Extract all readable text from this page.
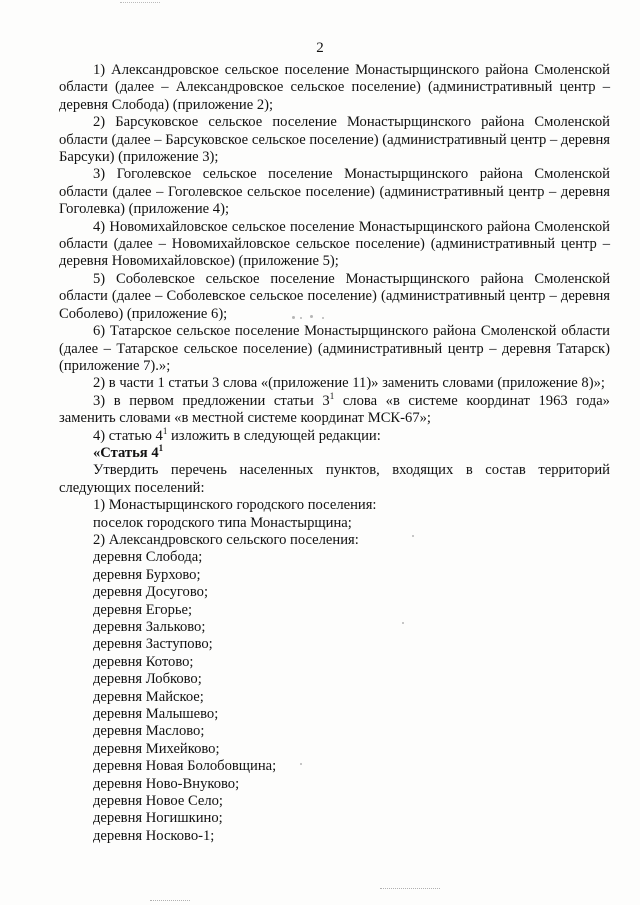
2

1) Александровское сельское поселение Монастырщинского района Смоленской области (далее – Александровское сельское поселение) (административный центр – деревня Слобода) (приложение 2);

2) Барсуковское сельское поселение Монастырщинского района Смоленской области (далее – Барсуковское сельское поселение) (административный центр – деревня Барсуки) (приложение 3);

3) Гоголевское сельское поселение Монастырщинского района Смоленской области (далее – Гоголевское сельское поселение) (административный центр – деревня Гоголевка) (приложение 4);

4) Новомихайловское сельское поселение Монастырщинского района Смоленской области (далее – Новомихайловское сельское поселение) (административный центр – деревня Новомихайловское) (приложение 5);

5) Соболевское сельское поселение Монастырщинского района Смоленской области (далее – Соболевское сельское поселение) (административный центр – деревня Соболево) (приложение 6);

6) Татарское сельское поселение Монастырщинского района Смоленской области (далее – Татарское сельское поселение) (административный центр – деревня Татарск) (приложение 7).»;

2) в части 1 статьи 3 слова «(приложение 11)» заменить словами (приложение 8)»;

3) в первом предложении статьи $3^1$ слова «в системе координат 1963 года» заменить словами «в местной системе координат МСК-67»;

4) статью $4^1$ изложить в следующей редакции:

«Статья $4^1$

Утвердить перечень населенных пунктов, входящих в состав территорий следующих поселений:

1) Монастырщинского городского поселения:

поселок городского типа Монастырщина;

2) Александровского сельского поселения:

деревня Слобода;

деревня Бурхово;

деревня Досугово;

деревня Егорье;

деревня Зальково;

деревня Заступово;

деревня Котово;

деревня Лобково;

деревня Майское;

деревня Малышево;

деревня Маслово;

деревня Михейково;

деревня Новая Болобовщина;

деревня Ново-Внуково;

деревня Новое Село;

деревня Ногишкино;

деревня Носково-1;
